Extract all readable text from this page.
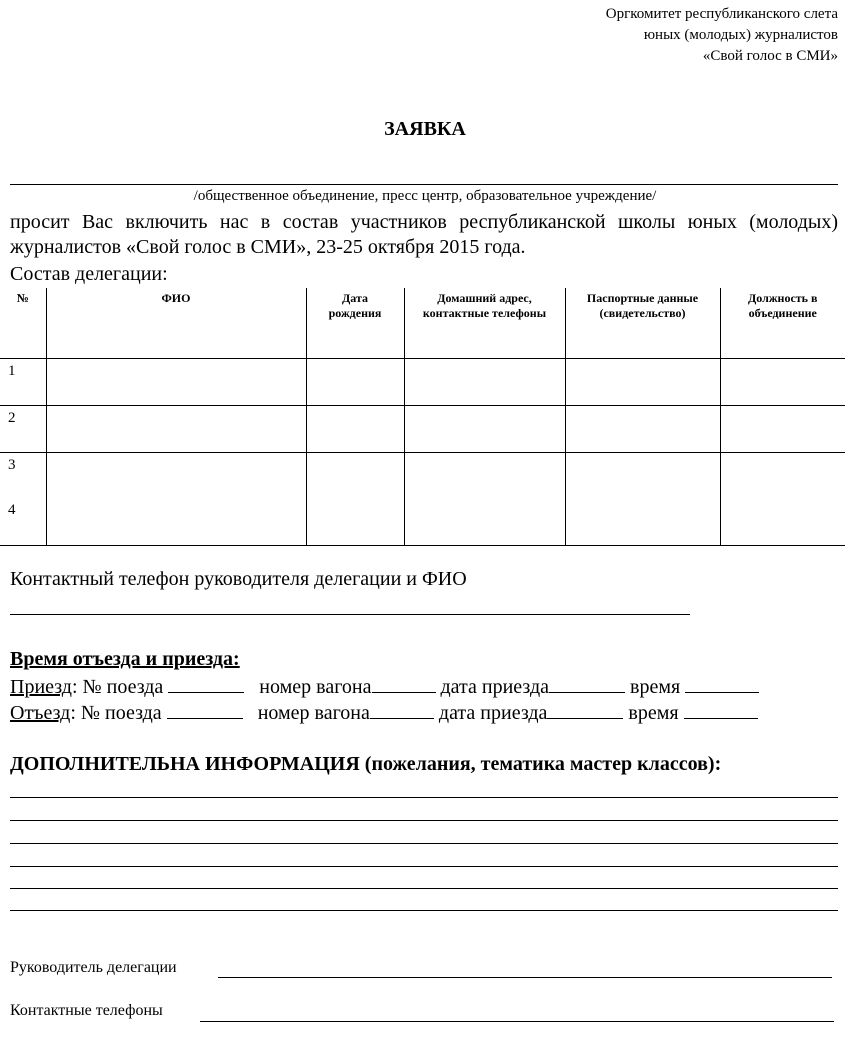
Оргкомитет республиканского слета
юных (молодых) журналистов
«Свой голос в СМИ»
ЗАЯВКА
/общественное объединение, пресс центр, образовательное учреждение/
просит Вас включить нас в состав участников республиканской школы юных (молодых) журналистов «Свой голос в СМИ», 23-25 октября 2015 года.
Состав делегации:
№	ФИО	Дата рождения	Домашний адрес, контактные телефоны	Паспортные данные (свидетельство)	Должность в объединение

1					
2					
3
4					

Контактный телефон руководителя делегации и ФИО
Время отъезда и приезда:
Приезд: № поезда	номер вагона	дата приезда	время
Отъезд: № поезда	номер вагона	дата приезда	время
ДОПОЛНИТЕЛЬНА ИНФОРМАЦИЯ (пожелания, тематика мастер классов):
Руководитель делегации
Контактные телефоны
